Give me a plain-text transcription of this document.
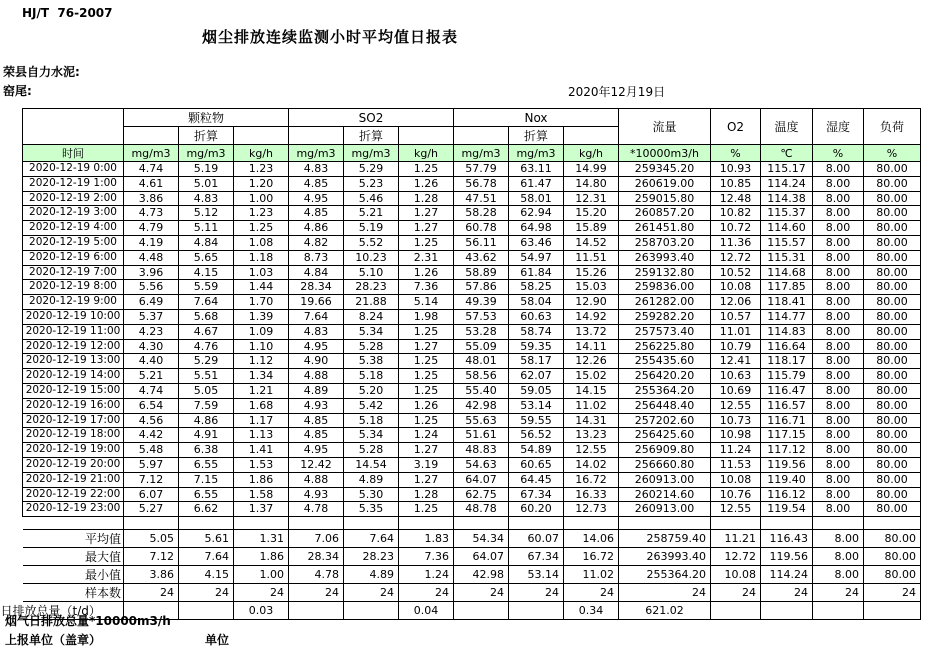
HJ/T  76-2007
烟尘排放连续监测小时平均值日报表
荣县自力水泥:
窑尾:	2020年12月19日
	颗粒物			SO2			Nox			流量	O2	温度	湿度	负荷
		折算			折算			折算						
时间	mg/m3	mg/m3	kg/h	mg/m3	mg/m3	kg/h	mg/m3	mg/m3	kg/h	*10000m3/h	%	℃	%	%
2020-12-19 0:00	4.74	5.19	1.23	4.83	5.29	1.25	57.79	63.11	14.99	259345.20	10.93	115.17	8.00	80.00
2020-12-19 1:00	4.61	5.01	1.20	4.85	5.23	1.26	56.78	61.47	14.80	260619.00	10.85	114.24	8.00	80.00
2020-12-19 2:00	3.86	4.83	1.00	4.95	5.46	1.28	47.51	58.01	12.31	259015.80	12.48	114.38	8.00	80.00
2020-12-19 3:00	4.73	5.12	1.23	4.85	5.21	1.27	58.28	62.94	15.20	260857.20	10.82	115.37	8.00	80.00
2020-12-19 4:00	4.79	5.11	1.25	4.86	5.19	1.27	60.78	64.98	15.89	261451.80	10.72	114.60	8.00	80.00
2020-12-19 5:00	4.19	4.84	1.08	4.82	5.52	1.25	56.11	63.46	14.52	258703.20	11.36	115.57	8.00	80.00
2020-12-19 6:00	4.48	5.65	1.18	8.73	10.23	2.31	43.62	54.97	11.51	263993.40	12.72	115.31	8.00	80.00
2020-12-19 7:00	3.96	4.15	1.03	4.84	5.10	1.26	58.89	61.84	15.26	259132.80	10.52	114.68	8.00	80.00
2020-12-19 8:00	5.56	5.59	1.44	28.34	28.23	7.36	57.86	58.25	15.03	259836.00	10.08	117.85	8.00	80.00
2020-12-19 9:00	6.49	7.64	1.70	19.66	21.88	5.14	49.39	58.04	12.90	261282.00	12.06	118.41	8.00	80.00
2020-12-19 10:00	5.37	5.68	1.39	7.64	8.24	1.98	57.53	60.63	14.92	259282.20	10.57	114.77	8.00	80.00
2020-12-19 11:00	4.23	4.67	1.09	4.83	5.34	1.25	53.28	58.74	13.72	257573.40	11.01	114.83	8.00	80.00
2020-12-19 12:00	4.30	4.76	1.10	4.95	5.28	1.27	55.09	59.35	14.11	256225.80	10.79	116.64	8.00	80.00
2020-12-19 13:00	4.40	5.29	1.12	4.90	5.38	1.25	48.01	58.17	12.26	255435.60	12.41	118.17	8.00	80.00
2020-12-19 14:00	5.21	5.51	1.34	4.88	5.18	1.25	58.56	62.07	15.02	256420.20	10.63	115.79	8.00	80.00
2020-12-19 15:00	4.74	5.05	1.21	4.89	5.20	1.25	55.40	59.05	14.15	255364.20	10.69	116.47	8.00	80.00
2020-12-19 16:00	6.54	7.59	1.68	4.93	5.42	1.26	42.98	53.14	11.02	256448.40	12.55	116.57	8.00	80.00
2020-12-19 17:00	4.56	4.86	1.17	4.85	5.18	1.25	55.63	59.55	14.31	257202.60	10.73	116.71	8.00	80.00
2020-12-19 18:00	4.42	4.91	1.13	4.85	5.34	1.24	51.61	56.52	13.23	256425.60	10.98	117.15	8.00	80.00
2020-12-19 19:00	5.48	6.38	1.41	4.95	5.28	1.27	48.83	54.89	12.55	256909.80	11.24	117.12	8.00	80.00
2020-12-19 20:00	5.97	6.55	1.53	12.42	14.54	3.19	54.63	60.65	14.02	256660.80	11.53	119.56	8.00	80.00
2020-12-19 21:00	7.12	7.15	1.86	4.88	4.89	1.27	64.07	64.45	16.72	260913.00	10.08	119.40	8.00	80.00
2020-12-19 22:00	6.07	6.55	1.58	4.93	5.30	1.28	62.75	67.34	16.33	260214.60	10.76	116.12	8.00	80.00
2020-12-19 23:00	5.27	6.62	1.37	4.78	5.35	1.25	48.78	60.20	12.73	260913.00	12.55	119.54	8.00	80.00

平均值	5.05	5.61	1.31	7.06	7.64	1.83	54.34	60.07	14.06	258759.40	11.21	116.43	8.00	80.00
最大值	7.12	7.64	1.86	28.34	28.23	7.36	64.07	67.34	16.72	263993.40	12.72	119.56	8.00	80.00
最小值	3.86	4.15	1.00	4.78	4.89	1.24	42.98	53.14	11.02	255364.20	10.08	114.24	8.00	80.00
样本数	24	24	24	24	24	24	24	24	24	24	24	24	24	24
日排放总量（t/d）			0.03			0.04			0.34	621.02				
烟气日排放总量*10000m3/h
上报单位（盖章）	单位
